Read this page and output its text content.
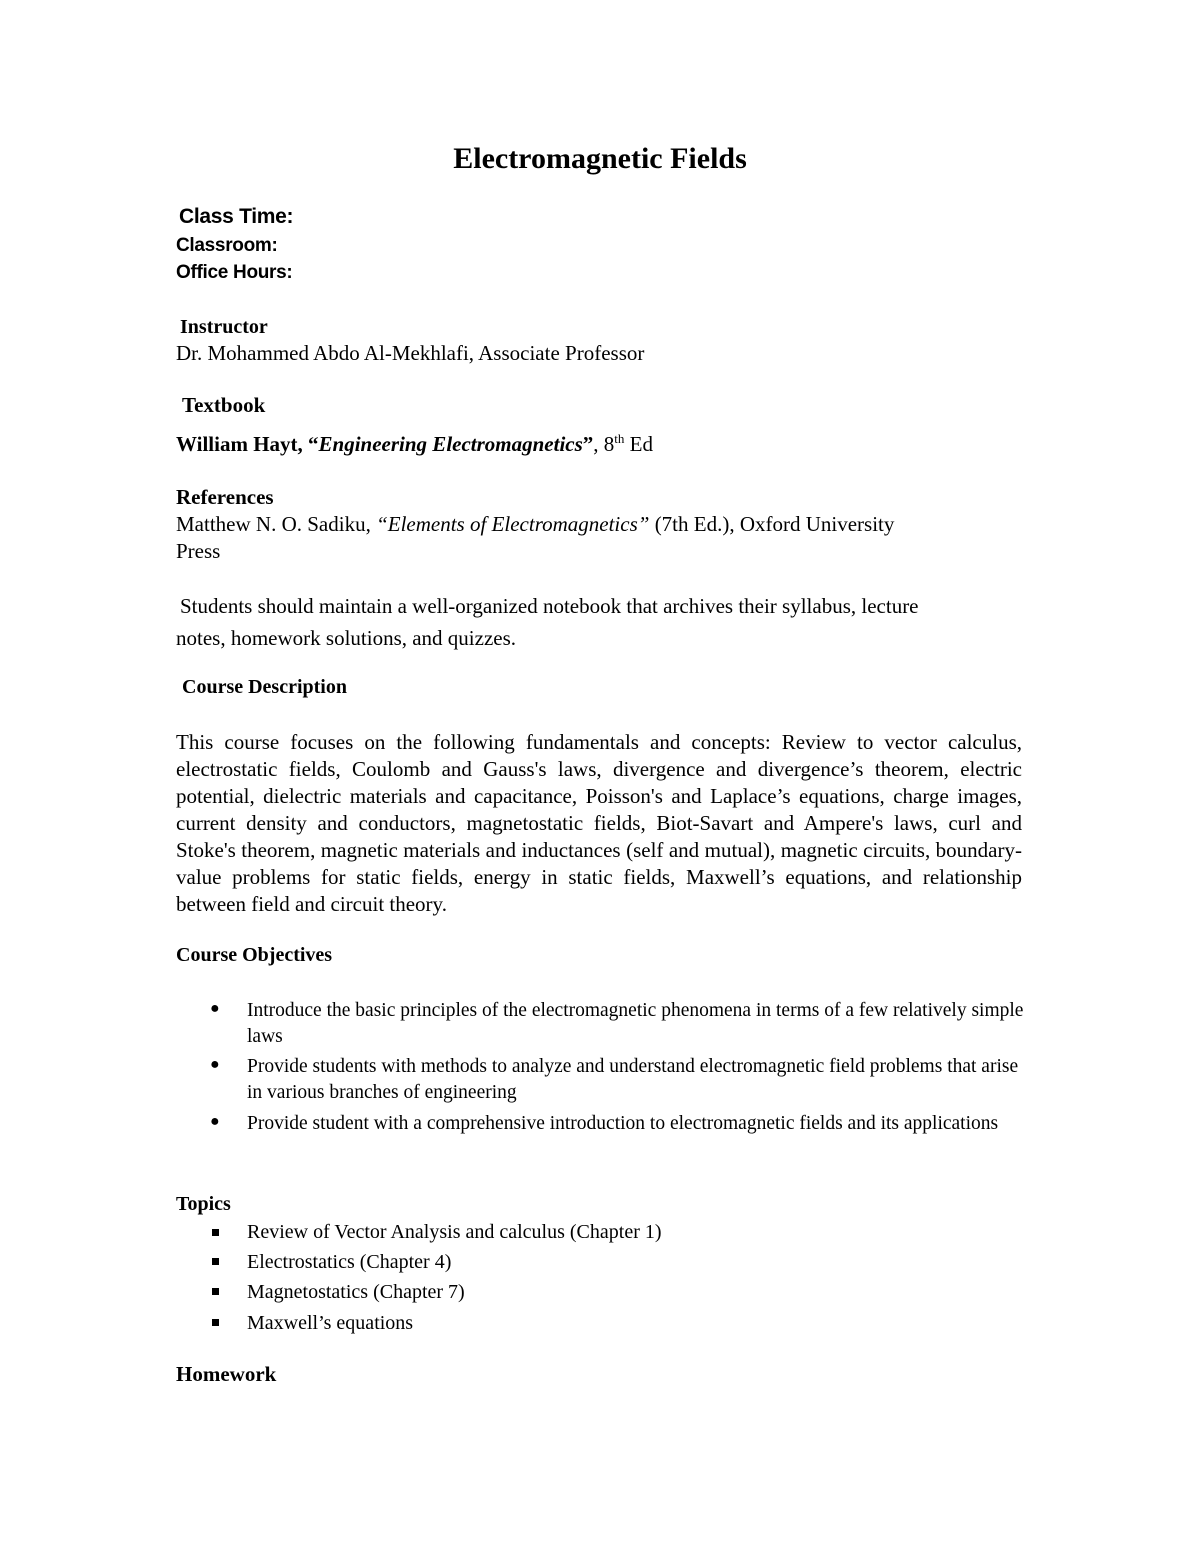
Electromagnetic Fields
Class Time:
Classroom:
Office Hours:
Instructor
Dr. Mohammed Abdo Al-Mekhlafi, Associate Professor
Textbook
William Hayt, “Engineering Electromagnetics”, 8th Ed
References
Matthew N. O. Sadiku, “Elements of Electromagnetics” (7th Ed.), Oxford University
Press
Students should maintain a well-organized notebook that archives their syllabus, lecture
notes, homework solutions, and quizzes.
Course Description
This course focuses on the following fundamentals and concepts: Review to vector calculus, electrostatic fields, Coulomb and Gauss's laws, divergence and divergence’s theorem, electric potential, dielectric materials and capacitance, Poisson's and Laplace’s equations, charge images, current density and conductors, magnetostatic fields, Biot-Savart and Ampere's laws, curl and Stoke's theorem, magnetic materials and inductances (self and mutual), magnetic circuits, boundary-value problems for static fields, energy in static fields, Maxwell’s equations, and relationship between field and circuit theory.
Course Objectives
● Introduce the basic principles of the electromagnetic phenomena in terms of a few relatively simple laws
● Provide students with methods to analyze and understand electromagnetic field problems that arise in various branches of engineering
● Provide student with a comprehensive introduction to electromagnetic fields and its applications
Topics
Review of Vector Analysis and calculus (Chapter 1)
Electrostatics (Chapter 4)
Magnetostatics (Chapter 7)
Maxwell’s equations
Homework
